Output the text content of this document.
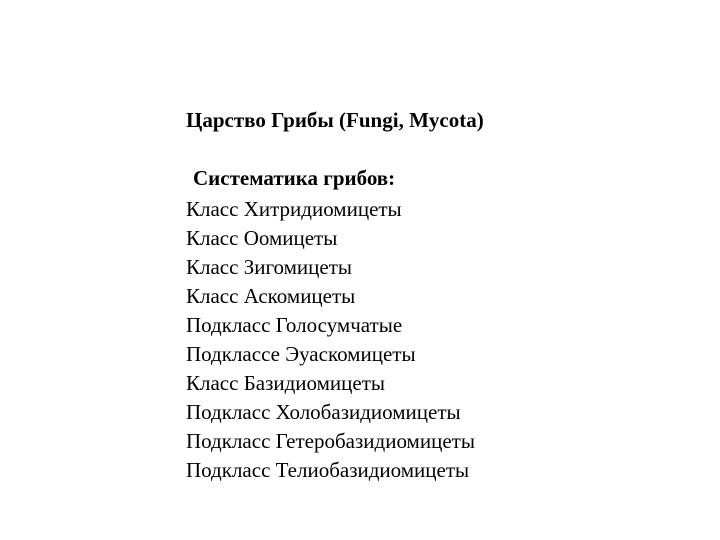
Царство Грибы (Fungi, Mycota)
Систематика грибов:
Класс Хитридиомицеты
Класс Оомицеты
Класс Зигомицеты
Класс Аскомицеты
Подкласс Голосумчатые
Подклассе Эуаскомицеты
Класс Базидиомицеты
Подкласс Холобазидиомицеты
Подкласс Гетеробазидиомицеты
Подкласс Телиобазидиомицеты
